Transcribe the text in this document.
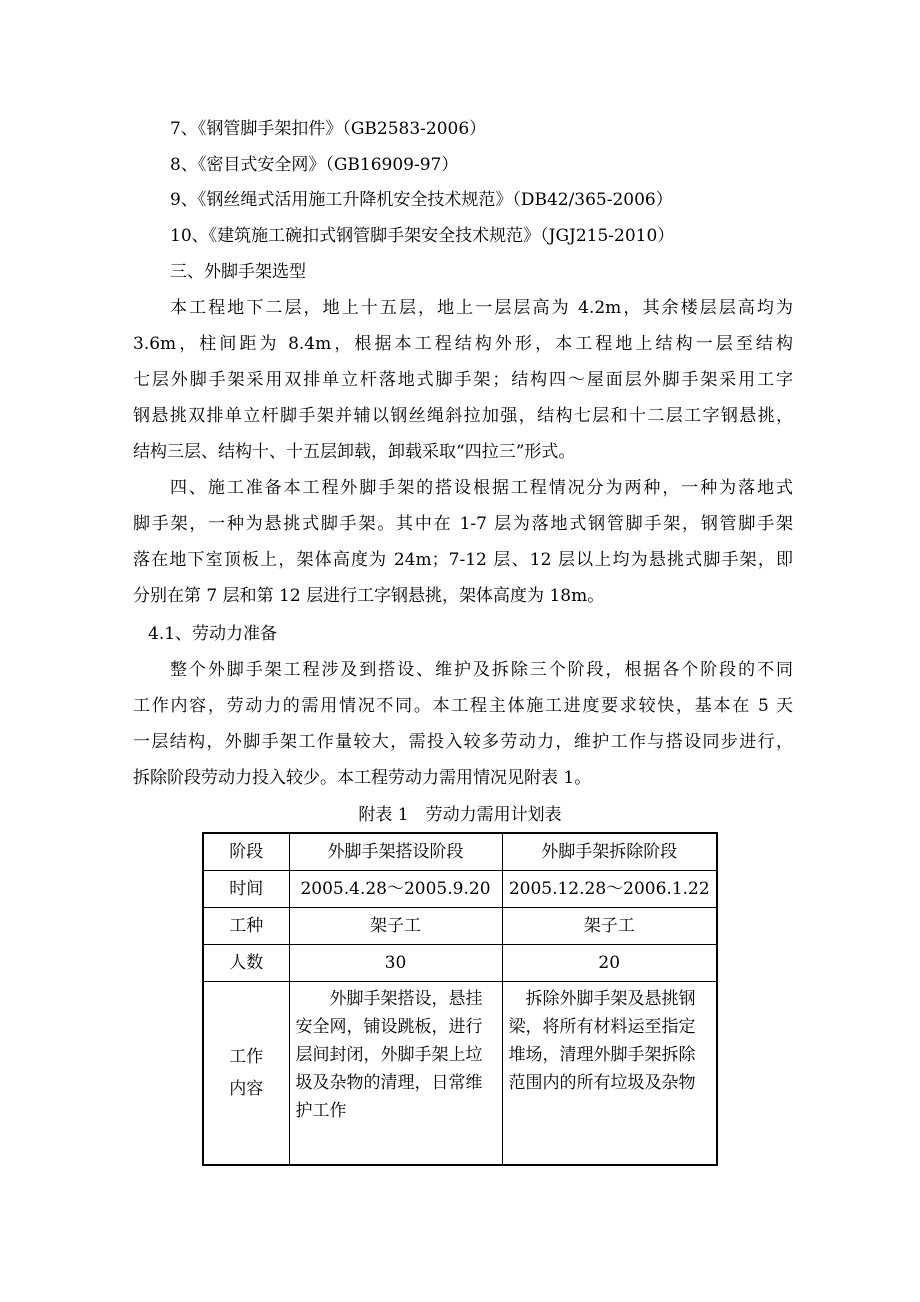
7、《钢管脚手架扣件》（GB2583-2006）
8、《密目式安全网》（GB16909-97）
9、《钢丝绳式活用施工升降机安全技术规范》（DB42/365-2006）
10、《建筑施工碗扣式钢管脚手架安全技术规范》（JGJ215-2010）
三、外脚手架选型
本工程地下二层，地上十五层，地上一层层高为 4.2m，其余楼层层高均为
3.6m，柱间距为 8.4m，根据本工程结构外形，本工程地上结构一层至结构
七层外脚手架采用双排单立杆落地式脚手架；结构四～屋面层外脚手架采用工字
钢悬挑双排单立杆脚手架并辅以钢丝绳斜拉加强，结构七层和十二层工字钢悬挑，
结构三层、结构十、十五层卸载，卸载采取“四拉三”形式。
四、施工准备本工程外脚手架的搭设根据工程情况分为两种，一种为落地式
脚手架，一种为悬挑式脚手架。其中在 1-7 层为落地式钢管脚手架，钢管脚手架
落在地下室顶板上，架体高度为 24m；7-12 层、12 层以上均为悬挑式脚手架，即
分别在第 7 层和第 12 层进行工字钢悬挑，架体高度为 18m。
4.1、劳动力准备
整个外脚手架工程涉及到搭设、维护及拆除三个阶段，根据各个阶段的不同
工作内容，劳动力的需用情况不同。本工程主体施工进度要求较快，基本在 5 天
一层结构，外脚手架工作量较大，需投入较多劳动力，维护工作与搭设同步进行，
拆除阶段劳动力投入较少。本工程劳动力需用情况见附表 1。
附表 1　劳动力需用计划表
阶段	外脚手架搭设阶段	外脚手架拆除阶段
时间	2005.4.28～2005.9.20	2005.12.28～2006.1.22
工种	架子工	架子工
人数	30	20

工作
内容	外脚手架搭设，悬挂安全网，铺设跳板，进行层间封闭，外脚手架上垃圾及杂物的清理，日常维护工作	拆除外脚手架及悬挑钢梁，将所有材料运至指定堆场，清理外脚手架拆除范围内的所有垃圾及杂物
